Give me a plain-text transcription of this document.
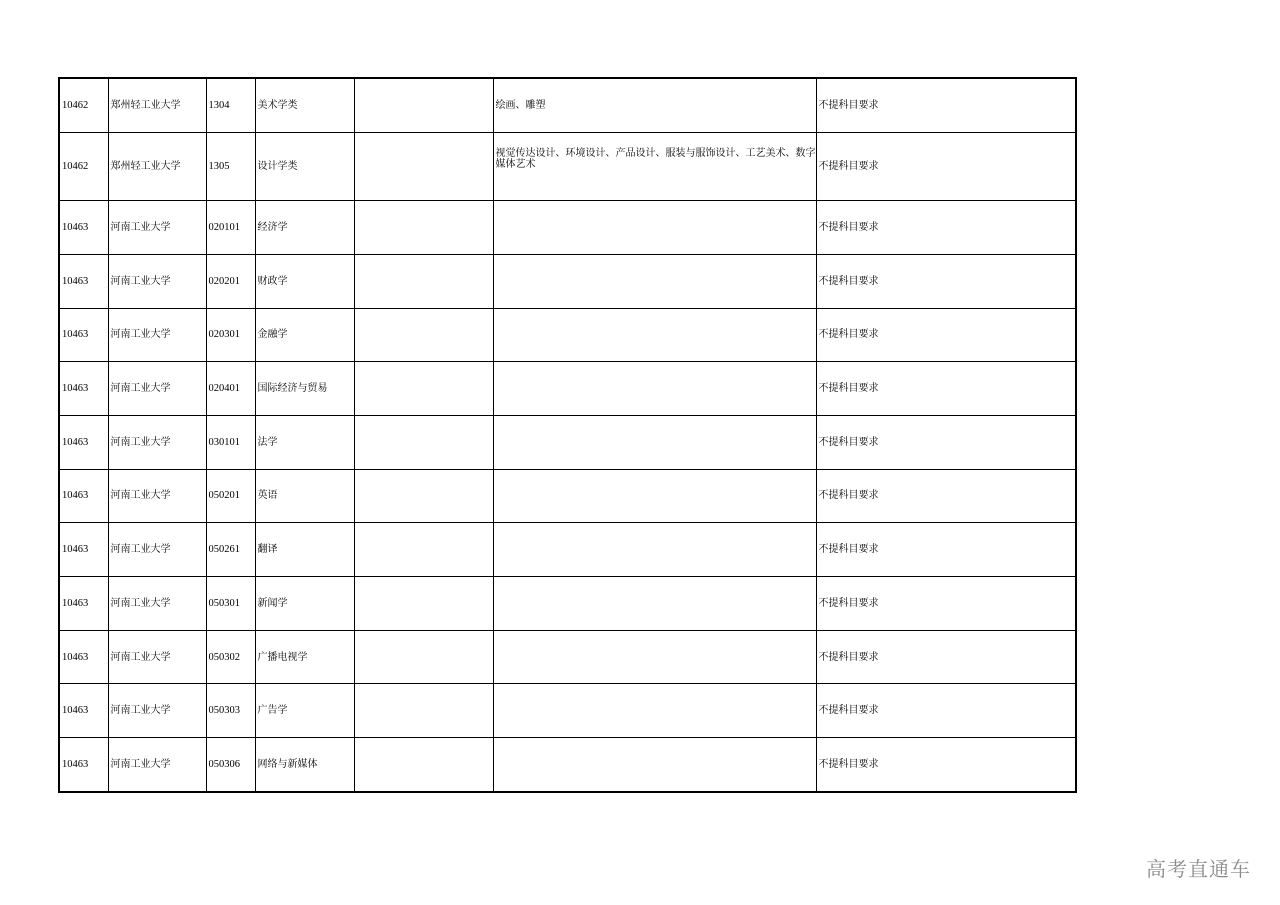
10462	郑州轻工业大学	1304	美术学类		绘画、雕塑	不提科目要求
10462	郑州轻工业大学	1305	设计学类		视觉传达设计、环境设计、产品设计、服装与服饰设计、工艺美术、数字媒体艺术	不提科目要求
10463	河南工业大学	020101	经济学			不提科目要求
10463	河南工业大学	020201	财政学			不提科目要求
10463	河南工业大学	020301	金融学			不提科目要求
10463	河南工业大学	020401	国际经济与贸易			不提科目要求
10463	河南工业大学	030101	法学			不提科目要求
10463	河南工业大学	050201	英语			不提科目要求
10463	河南工业大学	050261	翻译			不提科目要求
10463	河南工业大学	050301	新闻学			不提科目要求
10463	河南工业大学	050302	广播电视学			不提科目要求
10463	河南工业大学	050303	广告学			不提科目要求
10463	河南工业大学	050306	网络与新媒体			不提科目要求
高考直通车
